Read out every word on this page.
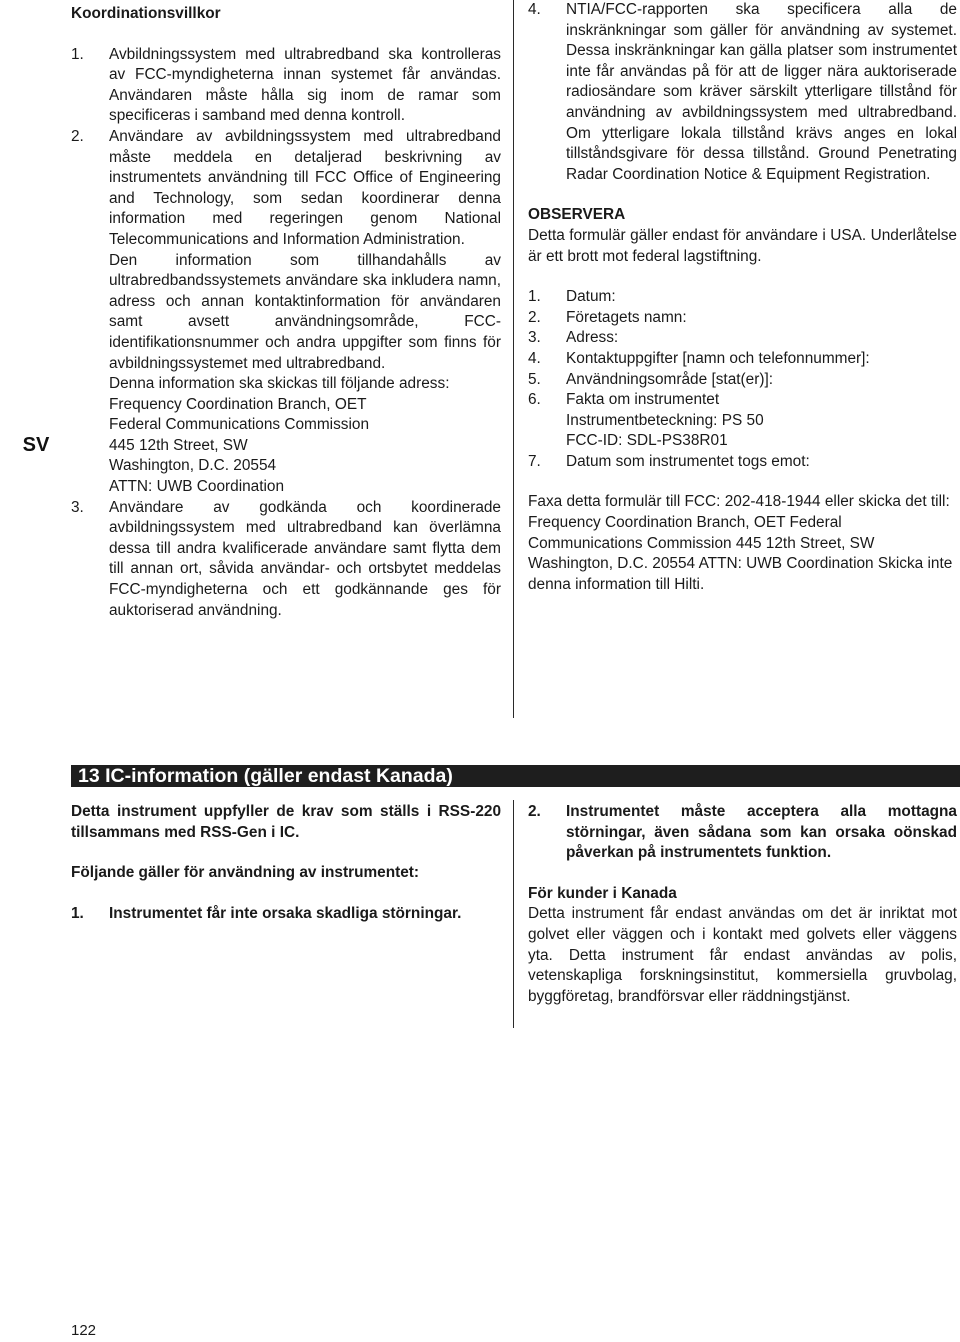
SV
Koordinationsvillkor
1. Avbildningssystem med ultrabredband ska kontrolleras av FCC-myndigheterna innan systemet får användas. Användaren måste hålla sig inom de ramar som specificeras i samband med denna kontroll.

2. Användare av avbildningssystem med ultrabredband måste meddela en detaljerad beskrivning av instrumentets användning till FCC Office of Engineering and Technology, som sedan koordinerar denna information med regeringen genom National Telecommunications and Information Administration.

Den information som tillhandahålls av ultrabredbandssystemets användare ska inkludera namn, adress och annan kontaktinformation för användaren samt avsett användningsområde, FCC-identifikationsnummer och andra uppgifter som finns för avbildningssystemet med ultrabredband.

Denna information ska skickas till följande adress:

Frequency Coordination Branch, OET
Federal Communications Commission
445 12th Street, SW
Washington, D.C. 20554
ATTN: UWB Coordination
3. Användare av godkända och koordinerade avbildningssystem med ultrabredband kan överlämna dessa till andra kvalificerade användare samt flytta dem till annan ort, såvida användar- och ortsbytet meddelas FCC-myndigheterna och ett godkännande ges för auktoriserad användning.

4. NTIA/FCC-rapporten ska specificera alla de inskränkningar som gäller för användning av systemet. Dessa inskränkningar kan gälla platser som instrumentet inte får användas på för att de ligger nära auktoriserade radiosändare som kräver särskilt ytterligare tillstånd för användning av avbildningssystem med ultrabredband. Om ytterligare lokala tillstånd krävs anges en lokal tillståndsgivare för dessa tillstånd. Ground Penetrating Radar Coordination Notice & Equipment Registration.

OBSERVERA

Detta formulär gäller endast för användare i USA. Underlåtelse är ett brott mot federal lagstiftning.

1. Datum:

2. Företagets namn:

3. Adress:

4. Kontaktuppgifter [namn och telefonnummer]:

5. Användningsområde [stat(er)]:

6. Fakta om instrumentet

Instrumentbeteckning: PS 50
FCC-ID: SDL-PS38R01
7. Datum som instrumentet togs emot:

Faxa detta formulär till FCC: 202-418-1944 eller skicka det till: Frequency Coordination Branch, OET Federal Communications Commission 445 12th Street, SW Washington, D.C. 20554 ATTN: UWB Coordination Skicka inte denna information till Hilti.
13 IC-information (gäller endast Kanada)

Detta instrument uppfyller de krav som ställs i RSS-220 tillsammans med RSS-Gen i IC.

Följande gäller för användning av instrumentet:

1. Instrumentet får inte orsaka skadliga störningar.

2. Instrumentet måste acceptera alla mottagna störningar, även sådana som kan orsaka oönskad påverkan på instrumentets funktion.

För kunder i Kanada

Detta instrument får endast användas om det är inriktat mot golvet eller väggen och i kontakt med golvets eller väggens yta. Detta instrument får endast användas av polis, vetenskapliga forskningsinstitut, kommersiella gruvbolag, byggföretag, brandförsvar eller räddningstjänst.

122
